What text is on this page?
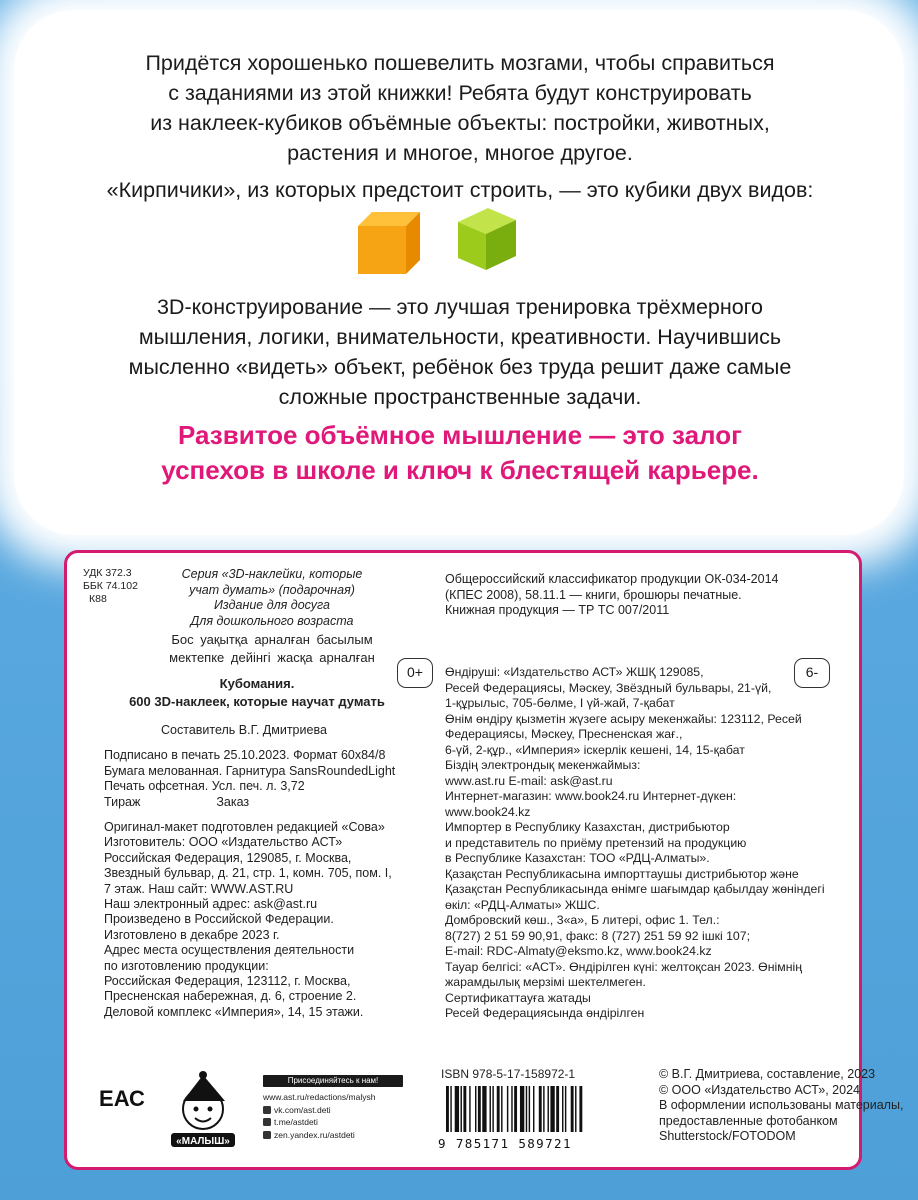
Придётся хорошенько пошевелить мозгами, чтобы справиться
с заданиями из этой книжки! Ребята будут конструировать
из наклеек-кубиков объёмные объекты: постройки, животных,
растения и многое, многое другое.
«Кирпичики», из которых предстоит строить, — это кубики двух видов:
3D-конструирование — это лучшая тренировка трёхмерного
мышления, логики, внимательности, креативности. Научившись
мысленно «видеть» объект, ребёнок без труда решит даже самые
сложные пространственные задачи.
Развитое объёмное мышление — это залог
успехов в школе и ключ к блестящей карьере.
УДК 372.3
ББК 74.102
К88
Серия «3D-наклейки, которые
учат думать» (подарочная)
Издание для досуга
Для дошкольного возраста
Бос уақытқа арналған басылым
мектепке дейінгі жасқа арналған
0+
Кубомания.
600 3D-наклеек, которые научат думать
Составитель В.Г. Дмитриева
Подписано в печать 25.10.2023. Формат 60x84/8
Бумага мелованная. Гарнитура SansRoundedLight
Печать офсетная. Усл. печ. л. 3,72
Тираж	Заказ
Оригинал-макет подготовлен редакцией «Сова»
Изготовитель: ООО «Издательство АСТ»
Российская Федерация, 129085, г. Москва,
Звездный бульвар, д. 21, стр. 1, комн. 705, пом. I,
7 этаж. Наш сайт: WWW.AST.RU
Наш электронный адрес: ask@ast.ru
Произведено в Российской Федерации.
Изготовлено в декабре 2023 г.
Адрес места осуществления деятельности
по изготовлению продукции:
Российская Федерация, 123112, г. Москва,
Пресненская набережная, д. 6, строение 2.
Деловой комплекс «Империя», 14, 15 этажи.
Общероссийский классификатор продукции ОК-034-2014
(КПЕС 2008), 58.11.1 — книги, брошюры печатные.
Книжная продукция — ТР ТС 007/2011
6-
Өндіруші: «Издательство АСТ» ЖШҚ 129085,
Ресей Федерациясы, Мәскеу, Звёздный бульвары, 21-үй,
1-құрылыс, 705-бөлме, I үй-жай, 7-қабат
Өнім өндіру қызметін жүзеге асыру мекенжайы: 123112, Ресей
Федерациясы, Мәскеу, Пресненская жағ.,
6-үй, 2-құр., «Империя» іскерлік кешені, 14, 15-қабат
Біздің электрондық мекенжаймыз:
www.ast.ru E-mail: ask@ast.ru
Интернет-магазин: www.book24.ru Интернет-дүкен:
www.book24.kz
Импортер в Республику Казахстан, дистрибьютор
и представитель по приёму претензий на продукцию
в Республике Казахстан: ТОО «РДЦ-Алматы».
Қазақстан Республикасына импорттаушы дистрибьютор және
Қазақстан Республикасында өнімге шағымдар қабылдау жөніндегі
өкіл: «РДЦ-Алматы» ЖШС.
Домбровский көш., 3«а», Б литері, офис 1. Тел.:
8(727) 2 51 59 90,91, факс: 8 (727) 251 59 92 ішкі 107;
E-mail: RDC-Almaty@eksmo.kz, www.book24.kz
Тауар белгісі: «АСТ». Өндірілген күні: желтоқсан 2023. Өнімнің
жарамдылық мерзімі шектелмеген.
Сертификаттауға жатады
Ресей Федерациясында өндірілген
ЕАС
«МАЛЫШ»
Присоединяйтесь к нам!
www.ast.ru/redactions/malysh
vk.com/ast.deti
t.me/astdeti
zen.yandex.ru/astdeti
ISBN 978-5-17-158972-1
9 785171 589721
© В.Г. Дмитриева, составление, 2023
© ООО «Издательство АСТ», 2024
В оформлении использованы материалы,
предоставленные фотобанком
Shutterstock/FOTODOM
